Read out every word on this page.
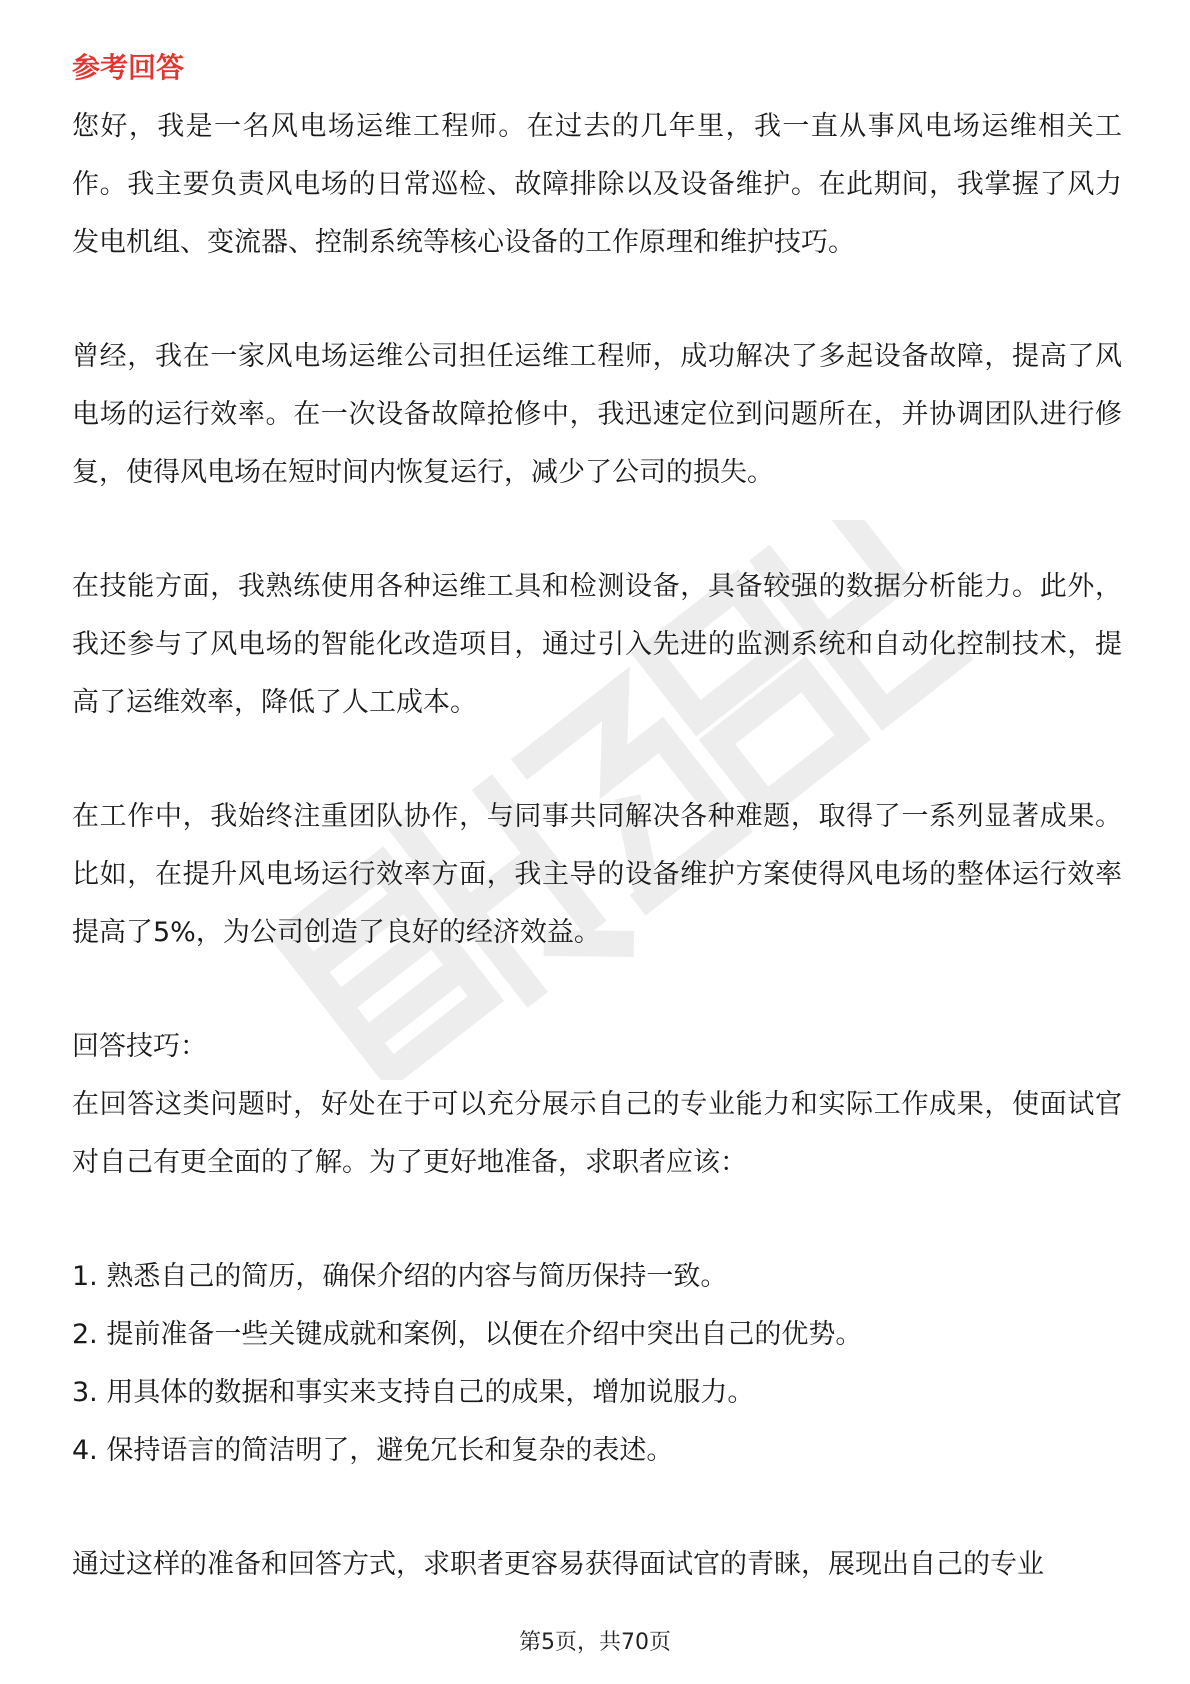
参考回答

您好，我是一名风电场运维工程师。在过去的几年里，我一直从事风电场运维相关工作。我主要负责风电场的日常巡检、故障排除以及设备维护。在此期间，我掌握了风力发电机组、变流器、控制系统等核心设备的工作原理和维护技巧。

曾经，我在一家风电场运维公司担任运维工程师，成功解决了多起设备故障，提高了风电场的运行效率。在一次设备故障抢修中，我迅速定位到问题所在，并协调团队进行修复，使得风电场在短时间内恢复运行，减少了公司的损失。

在技能方面，我熟练使用各种运维工具和检测设备，具备较强的数据分析能力。此外，我还参与了风电场的智能化改造项目，通过引入先进的监测系统和自动化控制技术，提高了运维效率，降低了人工成本。

在工作中，我始终注重团队协作，与同事共同解决各种难题，取得了一系列显著成果。比如，在提升风电场运行效率方面，我主导的设备维护方案使得风电场的整体运行效率提高了5%，为公司创造了良好的经济效益。

回答技巧：

在回答这类问题时，好处在于可以充分展示自己的专业能力和实际工作成果，使面试官对自己有更全面的了解。为了更好地准备，求职者应该：

1. 熟悉自己的简历，确保介绍的内容与简历保持一致。
2. 提前准备一些关键成就和案例，以便在介绍中突出自己的优势。
3. 用具体的数据和事实来支持自己的成果，增加说服力。
4. 保持语言的简洁明了，避免冗长和复杂的表述。

通过这样的准备和回答方式，求职者更容易获得面试官的青睐，展现出自己的专业

第5页，共70页
